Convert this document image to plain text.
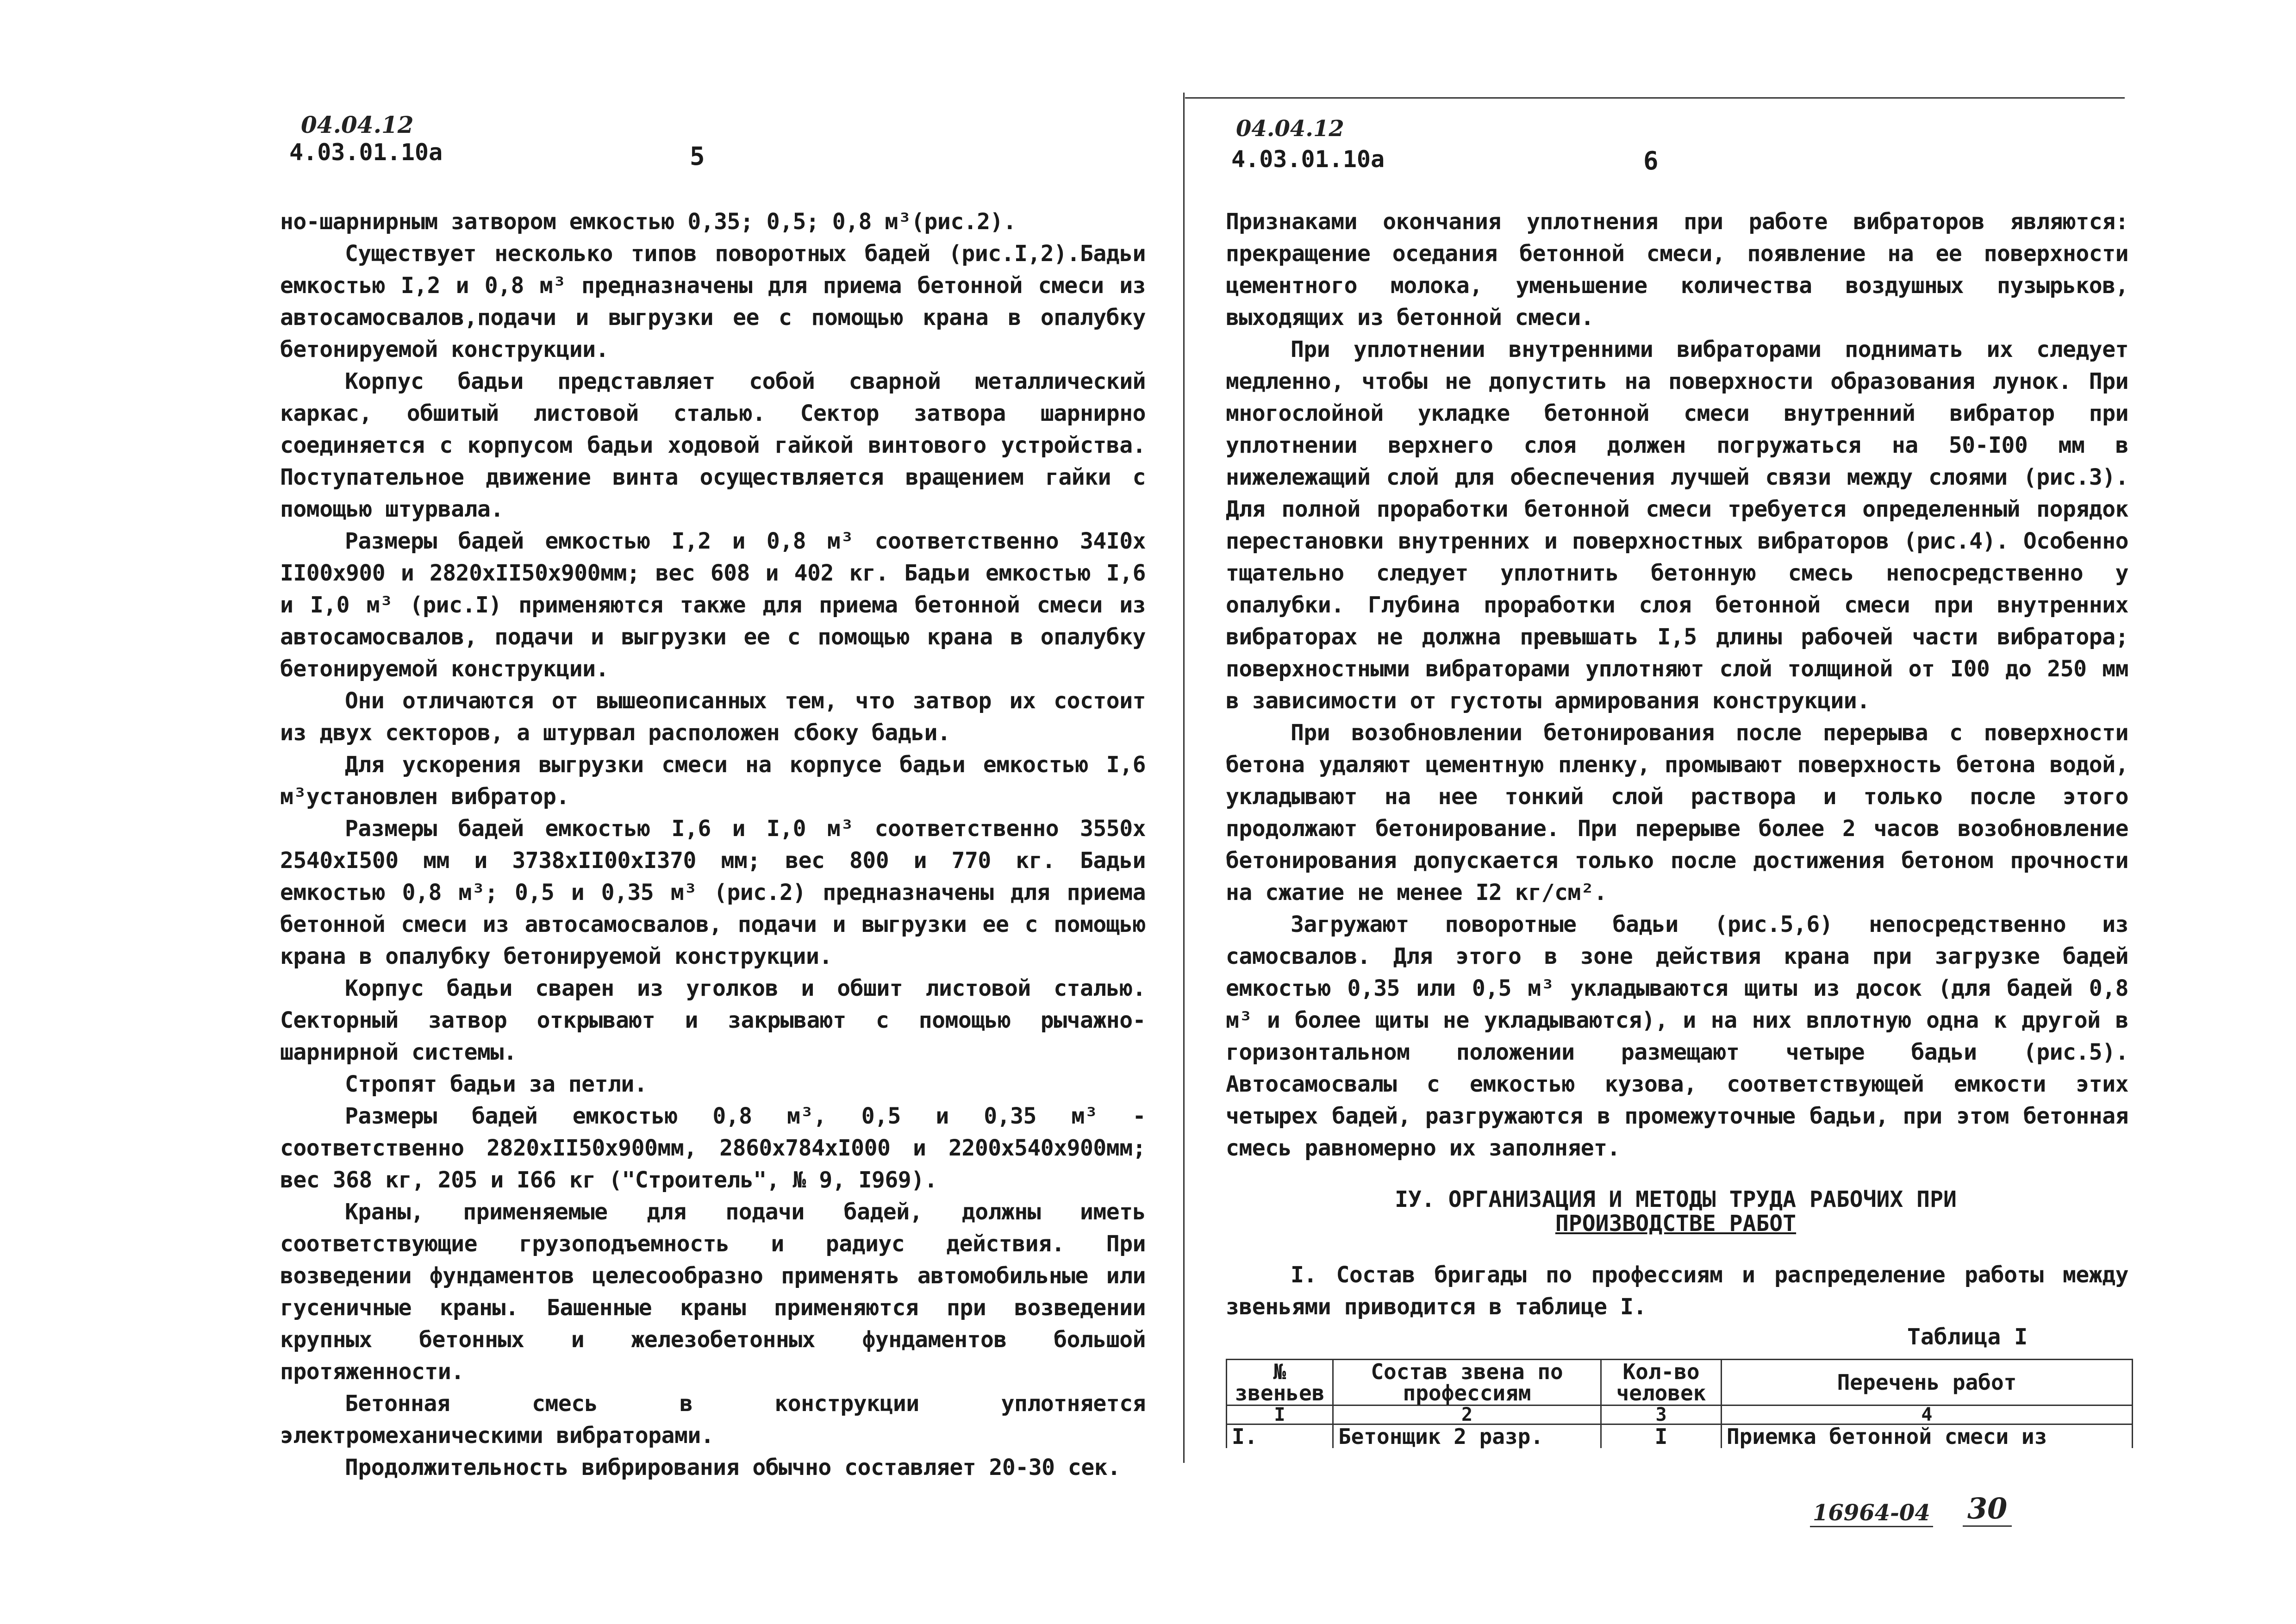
04.04.12
4.03.01.10а	5

но-шарнирным затвором емкостью 0,35; 0,5; 0,8 м³(рис.2).

Существует несколько типов поворотных бадей (рис.I,2).Бадьи емкостью I,2 и 0,8 м³ предназначены для приема бетонной смеси из автосамосвалов,подачи и выгрузки ее с помощью крана в опалубку бетонируемой конструкции.

Корпус бадьи представляет собой сварной металлический каркас, обшитый листовой сталью. Сектор затвора шарнирно соединяется с корпусом бадьи ходовой гайкой винтового устройства. Поступательное движение винта осуществляется вращением гайки с помощью штурвала.

Размеры бадей емкостью I,2 и 0,8 м³ соответственно 34I0x II00x900 и 2820xII50x900мм; вес 608 и 402 кг. Бадьи емкостью I,6 и I,0 м³ (рис.I) применяются также для приема бетонной смеси из автосамосвалов, подачи и выгрузки ее с помощью крана в опалубку бетонируемой конструкции.

Они отличаются от вышеописанных тем, что затвор их состоит из двух секторов, а штурвал расположен сбоку бадьи.

Для ускорения выгрузки смеси на корпусе бадьи емкостью I,6 м³установлен вибратор.

Размеры бадей емкостью I,6 и I,0 м³ соответственно 3550x 2540xI500 мм и 3738xII00xI370 мм; вес 800 и 770 кг. Бадьи емкостью 0,8 м³; 0,5 и 0,35 м³ (рис.2) предназначены для приема бетонной смеси из автосамосвалов, подачи и выгрузки ее с помощью крана в опалубку бетонируемой конструкции.

Корпус бадьи сварен из уголков и обшит листовой сталью. Секторный затвор открывают и закрывают с помощью рычажно-шарнирной системы.

Стропят бадьи за петли.

Размеры бадей емкостью 0,8 м³, 0,5 и 0,35 м³ - соответственно 2820xII50x900мм, 2860x784xI000 и 2200x540x900мм; вес 368 кг, 205 и I66 кг ("Строитель", № 9, I969).

Краны, применяемые для подачи бадей, должны иметь соответствующие грузоподъемность и радиус действия. При возведении фундаментов целесообразно применять автомобильные или гусеничные краны. Башенные краны применяются при возведении крупных бетонных и железобетонных фундаментов большой протяженности.

Бетонная смесь в конструкции уплотняется электромеханическими вибраторами.

Продолжительность вибрирования обычно составляет 20-30 сек.

04.04.12
4.03.01.10а	6

Признаками окончания уплотнения при работе вибраторов являются: прекращение оседания бетонной смеси, появление на ее поверхности цементного молока, уменьшение количества воздушных пузырьков, выходящих из бетонной смеси.

При уплотнении внутренними вибраторами поднимать их следует медленно, чтобы не допустить на поверхности образования лунок. При многослойной укладке бетонной смеси внутренний вибратор при уплотнении верхнего слоя должен погружаться на 50-I00 мм в нижележащий слой для обеспечения лучшей связи между слоями (рис.3). Для полной проработки бетонной смеси требуется определенный порядок перестановки внутренних и поверхностных вибраторов (рис.4). Особенно тщательно следует уплотнить бетонную смесь непосредственно у опалубки. Глубина проработки слоя бетонной смеси при внутренних вибраторах не должна превышать I,5 длины рабочей части вибратора; поверхностными вибраторами уплотняют слой толщиной от I00 до 250 мм в зависимости от густоты армирования конструкции.

При возобновлении бетонирования после перерыва с поверхности бетона удаляют цементную пленку, промывают поверхность бетона водой, укладывают на нее тонкий слой раствора и только после этого продолжают бетонирование. При перерыве более 2 часов возобновление бетонирования допускается только после достижения бетоном прочности на сжатие не менее I2 кг/см².

Загружают поворотные бадьи (рис.5,6) непосредственно из самосвалов. Для этого в зоне действия крана при загрузке бадей емкостью 0,35 или 0,5 м³ укладываются щиты из досок (для бадей 0,8 м³ и более щиты не укладываются), и на них вплотную одна к другой в горизонтальном положении размещают четыре бадьи (рис.5). Автосамосвалы с емкостью кузова, соответствующей емкости этих четырех бадей, разгружаются в промежуточные бадьи, при этом бетонная смесь равномерно их заполняет.

IУ. ОРГАНИЗАЦИЯ И МЕТОДЫ ТРУДА РАБОЧИХ ПРИ
ПРОИЗВОДСТВЕ РАБОТ

I. Состав бригады по профессиям и распределение работы между звеньями приводится в таблице I.

Таблица I
№ звеньев	Состав звена по профессиям	Кол-во человек	Перечень работ
I	2	3	4
I.	Бетонщик 2 разр.	I	Приемка бетонной смеси из
16964-04 30
